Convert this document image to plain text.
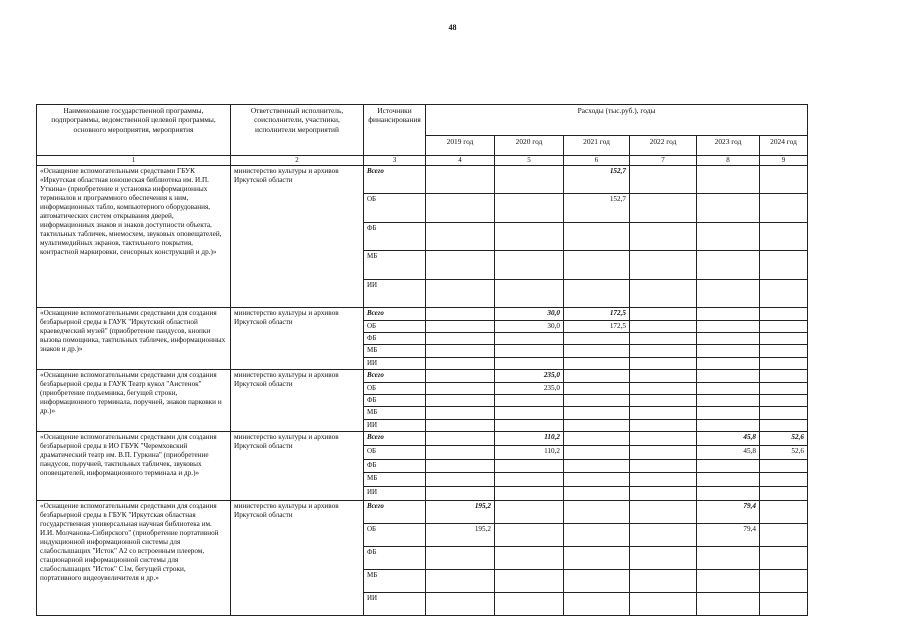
48
Наименование государственной программы, подпрограммы, ведомственной целевой программы, основного мероприятия, мероприятия	Ответственный исполнитель, соисполнители, участники, исполнители мероприятий	Источники финансирования	Расходы (тыс.руб.), годы					
			2019 год	2020 год	2021 год	2022 год	2023 год	2024 год
1	2	3	4	5	6	7	8	9
«Оснащение вспомогательными средствами ГБУК «Иркутская областная юношеская библиотека им. И.П. Уткина» (приобретение и установка информационных терминалов и программного обеспечения к ним, информационных табло, компьютерного оборудования, автоматических систем открывания дверей, информационных знаков и знаков доступности объекта, тактильных табличек, мнемосхем, звуковых оповещателей, мультимедийных экранов, тактильного покрытия, контрастной маркировки, сенсорных конструкций и др.)»	министерство культуры и архивов Иркутской области	Всего			152,7			
		ОБ			152,7			
		ФБ						
		МБ						
		ИИ						
«Оснащение вспомогательными средствами для создания безбарьерной среды в ГАУК "Иркутский областной краеведческий музей" (приобретение пандусов, кнопки вызова помощника, тактильных табличек, информационных знаков и др.)»	министерство культуры и архивов Иркутской области	Всего		30,0	172,5			
		ОБ		30,0	172,5			
		ФБ						
		МБ						
		ИИ						
«Оснащение вспомогательными средствами для создания безбарьерной среды в ГАУК Театр кукол "Аистенок"(приобретение подъемника, бегущей строки, информационного терминала, поручней, знаков парковки и др.)»	министерство культуры и архивов Иркутской области	Всего		235,0				
		ОБ		235,0				
		ФБ						
		МБ						
		ИИ						
«Оснащение вспомогательными средствами для создания безбарьерной среды в ИО ГБУК "Черемховский драматический театр им. В.П. Гуркина" (приобретение пандусов, поручней, тактильных табличек, звуковых оповещателей, информационного терминала и др.)»	министерство культуры и архивов Иркутской области	Всего		110,2			45,8	52,6
		ОБ		110,2			45,8	52,6
		ФБ						
		МБ						
		ИИ						
«Оснащение вспомогательными средствами для создания безбарьерной среды в ГБУК "Иркутская областная государственная универсальная научная библиотека им. И.И. Молчанова-Сибирского" (приобретение портативной индукционной информационной системы для слабослышащих "Исток" А2 со встроенным плеером, стационарной информационной системы для слабослышащих "Исток" С1м, бегущей строки, портативного видеоувеличителя и др.»	министерство культуры и архивов Иркутской области	Всего	195,2				79,4	
		ОБ	195,2				79,4	
		ФБ						
		МБ						
		ИИ						
